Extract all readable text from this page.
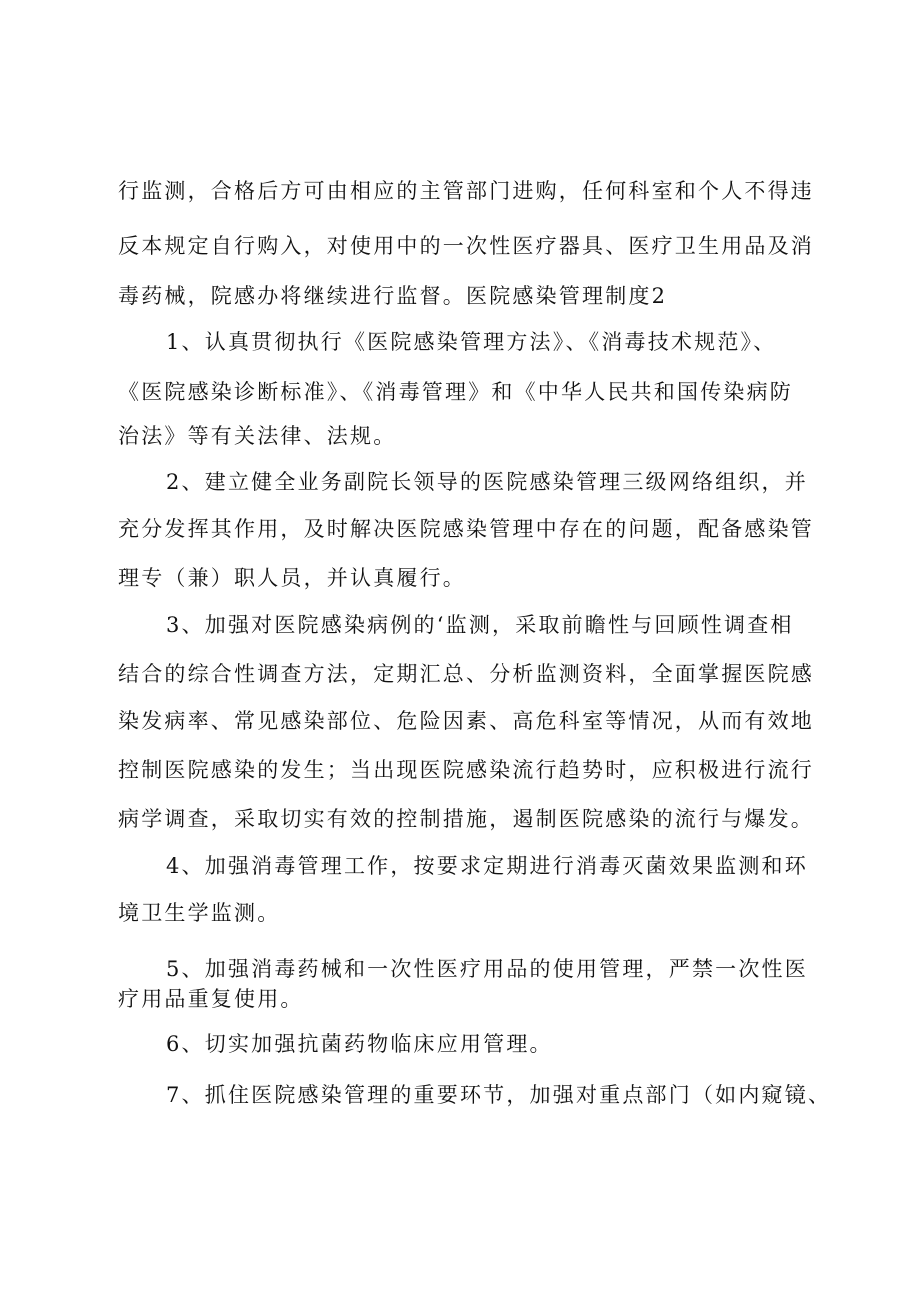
行监测，合格后方可由相应的主管部门进购，任何科室和个人不得违
反本规定自行购入，对使用中的一次性医疗器具、医疗卫生用品及消
毒药械，院感办将继续进行监督。医院感染管理制度2
1、认真贯彻执行《医院感染管理方法》、《消毒技术规范》、
《医院感染诊断标准》、《消毒管理》和《中华人民共和国传染病防
治法》等有关法律、法规。
2、建立健全业务副院长领导的医院感染管理三级网络组织，并
充分发挥其作用，及时解决医院感染管理中存在的问题，配备感染管
理专（兼）职人员，并认真履行。
3、加强对医院感染病例的‘监测，采取前瞻性与回顾性调查相
结合的综合性调查方法，定期汇总、分析监测资料，全面掌握医院感
染发病率、常见感染部位、危险因素、高危科室等情况，从而有效地
控制医院感染的发生；当出现医院感染流行趋势时，应积极进行流行
病学调查，采取切实有效的控制措施，遏制医院感染的流行与爆发。
4、加强消毒管理工作，按要求定期进行消毒灭菌效果监测和环
境卫生学监测。
5、加强消毒药械和一次性医疗用品的使用管理，严禁一次性医
疗用品重复使用。
6、切实加强抗菌药物临床应用管理。
7、抓住医院感染管理的重要环节，加强对重点部门（如内窥镜、
